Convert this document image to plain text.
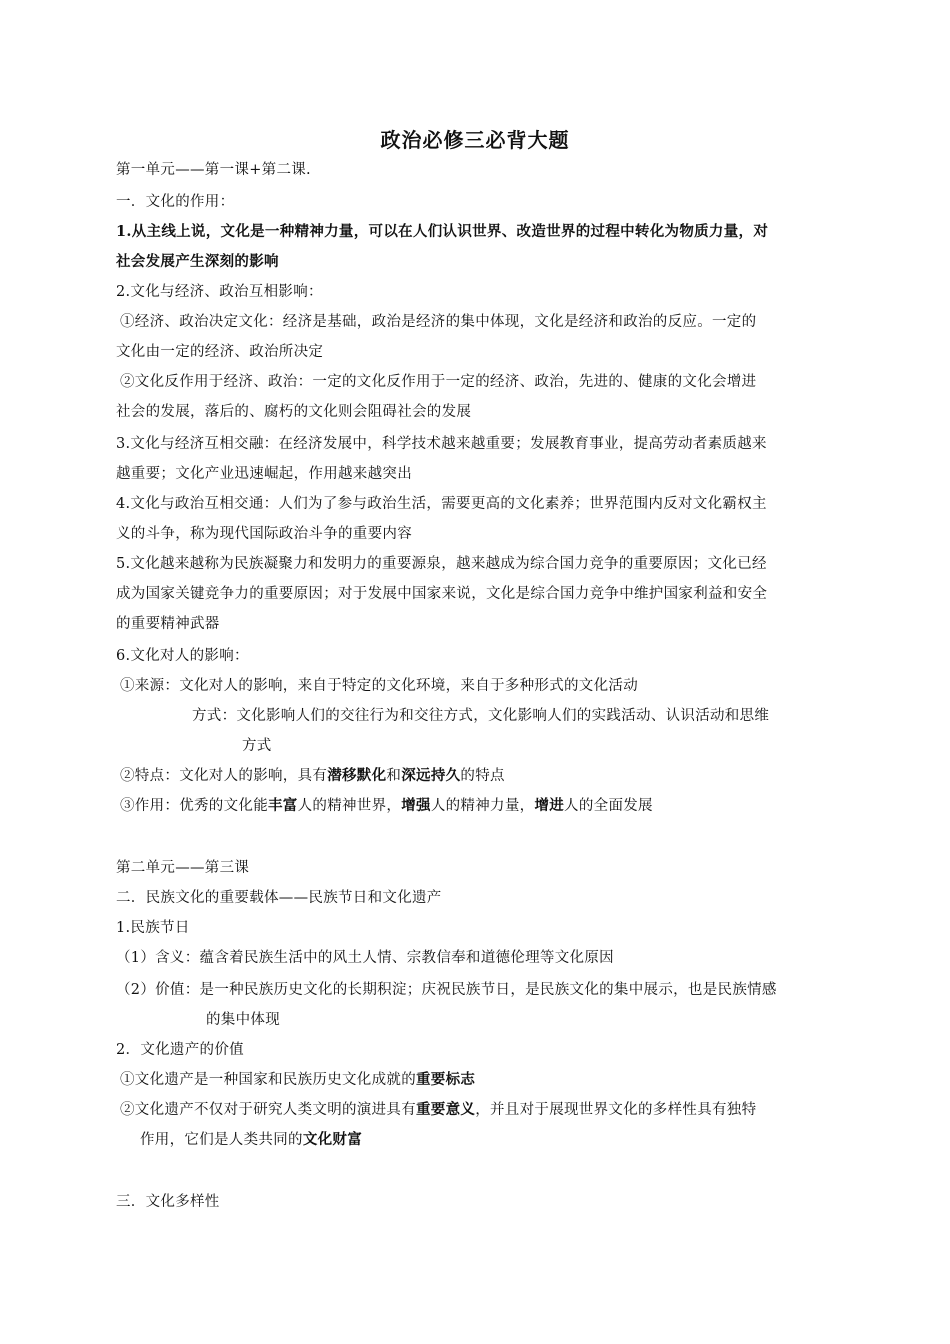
政治必修三必背大题
第一单元——第一课+第二课.
一．文化的作用：
1.从主线上说，文化是一种精神力量，可以在人们认识世界、改造世界的过程中转化为物质力量，对
社会发展产生深刻的影响
2.文化与经济、政治互相影响：
①经济、政治决定文化：经济是基础，政治是经济的集中体现，文化是经济和政治的反应。一定的
文化由一定的经济、政治所决定
②文化反作用于经济、政治：一定的文化反作用于一定的经济、政治，先进的、健康的文化会增进
社会的发展，落后的、腐朽的文化则会阻碍社会的发展
3.文化与经济互相交融：在经济发展中，科学技术越来越重要；发展教育事业，提高劳动者素质越来
越重要；文化产业迅速崛起，作用越来越突出
4.文化与政治互相交通：人们为了参与政治生活，需要更高的文化素养；世界范围内反对文化霸权主
义的斗争，称为现代国际政治斗争的重要内容
5.文化越来越称为民族凝聚力和发明力的重要源泉，越来越成为综合国力竞争的重要原因；文化已经
成为国家关键竞争力的重要原因；对于发展中国家来说，文化是综合国力竞争中维护国家利益和安全
的重要精神武器
6.文化对人的影响：
①来源：文化对人的影响，来自于特定的文化环境，来自于多种形式的文化活动
方式：文化影响人们的交往行为和交往方式，文化影响人们的实践活动、认识活动和思维
方式
②特点：文化对人的影响，具有潜移默化和深远持久的特点
③作用：优秀的文化能丰富人的精神世界，增强人的精神力量，增进人的全面发展
第二单元——第三课
二．民族文化的重要载体——民族节日和文化遗产
1.民族节日
（1）含义：蕴含着民族生活中的风土人情、宗教信奉和道德伦理等文化原因
（2）价值：是一种民族历史文化的长期积淀；庆祝民族节日，是民族文化的集中展示，也是民族情感
的集中体现
2．文化遗产的价值
①文化遗产是一种国家和民族历史文化成就的重要标志
②文化遗产不仅对于研究人类文明的演进具有重要意义，并且对于展现世界文化的多样性具有独特
作用，它们是人类共同的文化财富
三．文化多样性
